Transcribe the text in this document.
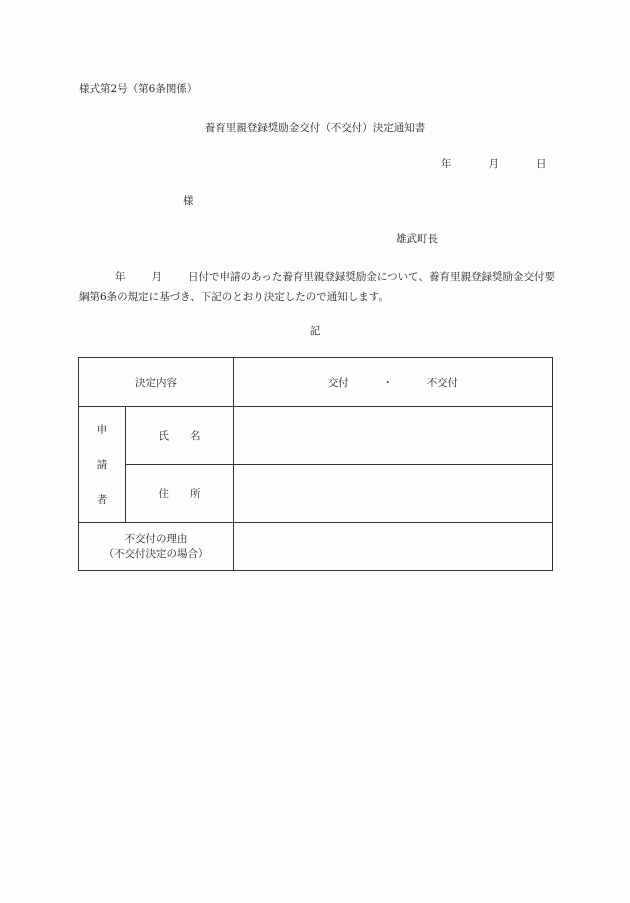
様式第2号（第6条関係）
養育里親登録奨励金交付（不交付）決定通知書
年	月	日
様
雄武町長
年 月 日付で申請のあった養育里親登録奨励金について、養育里親登録奨励金交付要綱第6条の規定に基づき、下記のとおり決定したので通知します。
記
決定内容		交付 ・ 不交付

申
請
者	氏　　名	
	住　　所	

不交付の理由
（不交付決定の場合）		
